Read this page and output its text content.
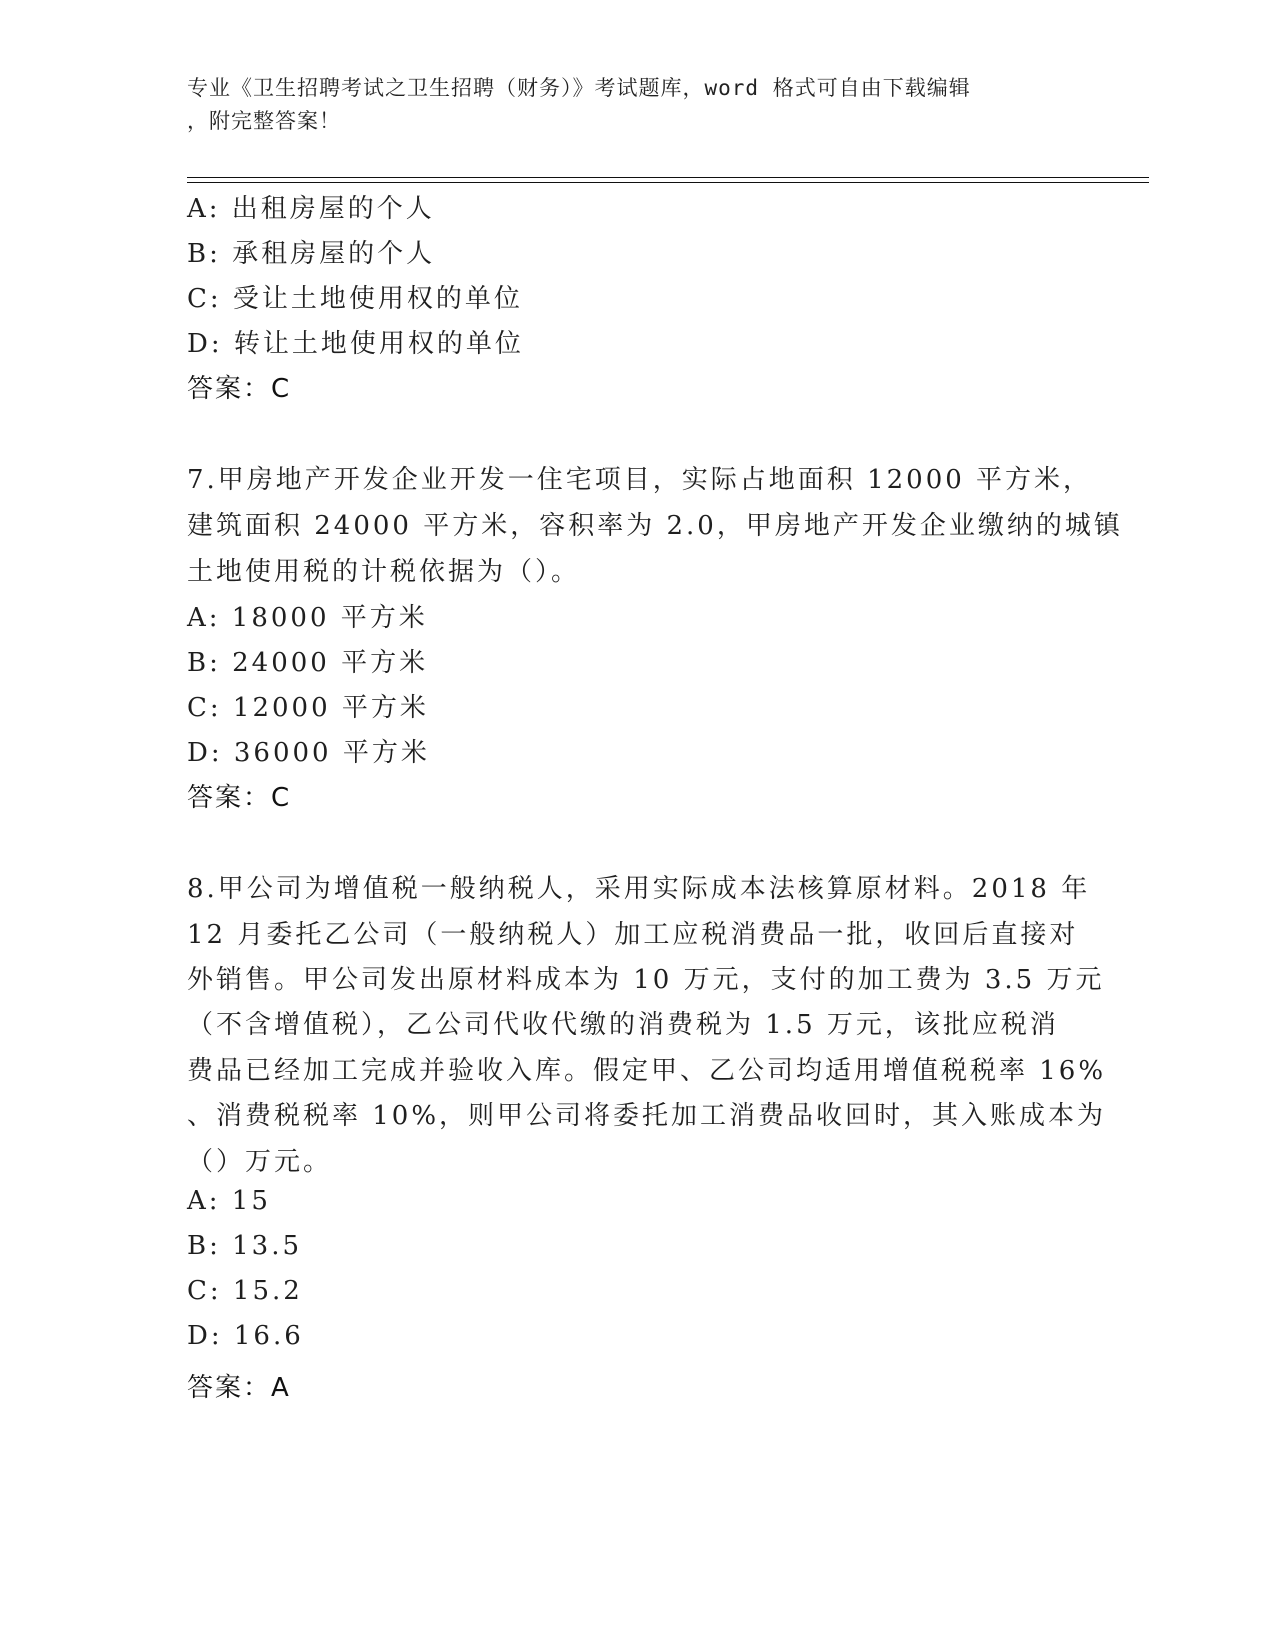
专业《卫生招聘考试之卫生招聘（财务）》考试题库，word 格式可自由下载编辑
，附完整答案！
A: 出租房屋的个人
B: 承租房屋的个人
C: 受让土地使用权的单位
D: 转让土地使用权的单位
答案：C
7.甲房地产开发企业开发一住宅项目，实际占地面积 12000 平方米，
建筑面积 24000 平方米，容积率为 2.0，甲房地产开发企业缴纳的城镇
土地使用税的计税依据为（）。
A: 18000 平方米
B: 24000 平方米
C: 12000 平方米
D: 36000 平方米
答案：C
8.甲公司为增值税一般纳税人，采用实际成本法核算原材料。2018 年
12 月委托乙公司（一般纳税人）加工应税消费品一批，收回后直接对
外销售。甲公司发出原材料成本为 10 万元，支付的加工费为 3.5 万元
（不含增值税），乙公司代收代缴的消费税为 1.5 万元，该批应税消
费品已经加工完成并验收入库。假定甲、乙公司均适用增值税税率 16%
、消费税税率 10%，则甲公司将委托加工消费品收回时，其入账成本为
（）万元。
A: 15
B: 13.5
C: 15.2
D: 16.6
答案：A
